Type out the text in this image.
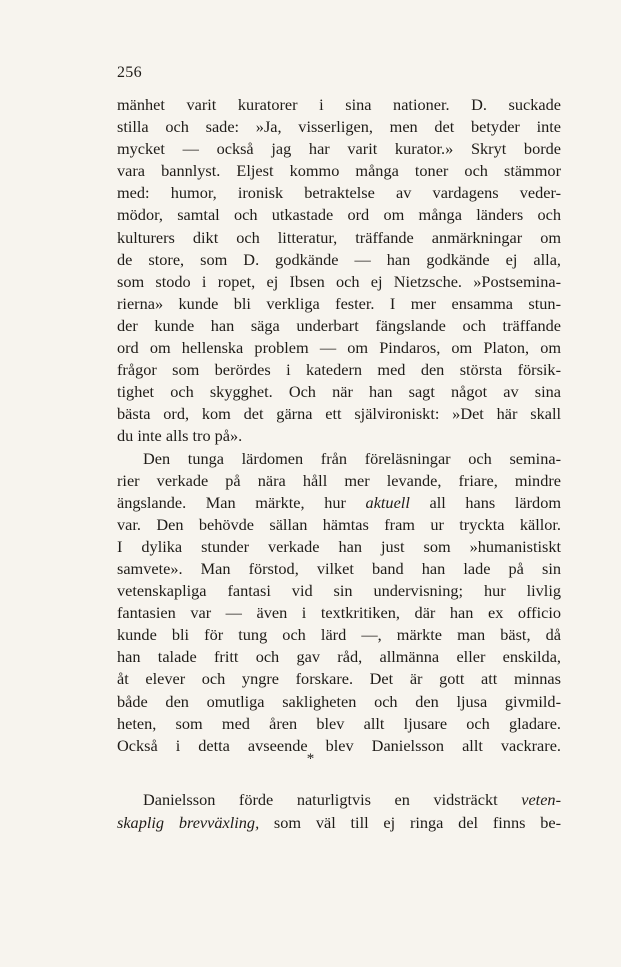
256
mänhet varit kuratorer i sina nationer. D. suckade
stilla och sade: »Ja, visserligen, men det betyder inte
mycket — också jag har varit kurator.» Skryt borde
vara bannlyst. Eljest kommo många toner och stämmor
med: humor, ironisk betraktelse av vardagens veder-
mödor, samtal och utkastade ord om många länders och
kulturers dikt och litteratur, träffande anmärkningar om
de store, som D. godkände — han godkände ej alla,
som stodo i ropet, ej Ibsen och ej Nietzsche. »Postsemina-
rierna» kunde bli verkliga fester. I mer ensamma stun-
der kunde han säga underbart fängslande och träffande
ord om hellenska problem — om Pindaros, om Platon, om
frågor som berördes i katedern med den största försik-
tighet och skygghet. Och när han sagt något av sina
bästa ord, kom det gärna ett självironiskt: »Det här skall
du inte alls tro på».
Den tunga lärdomen från föreläsningar och semina-
rier verkade på nära håll mer levande, friare, mindre
ängslande. Man märkte, hur aktuell all hans lärdom
var. Den behövde sällan hämtas fram ur tryckta källor.
I dylika stunder verkade han just som »humanistiskt
samvete». Man förstod, vilket band han lade på sin
vetenskapliga fantasi vid sin undervisning; hur livlig
fantasien var — även i textkritiken, där han ex officio
kunde bli för tung och lärd —, märkte man bäst, då
han talade fritt och gav råd, allmänna eller enskilda,
åt elever och yngre forskare. Det är gott att minnas
både den omutliga sakligheten och den ljusa givmild-
heten, som med åren blev allt ljusare och gladare.
Också i detta avseende blev Danielsson allt vackrare.
*
Danielsson förde naturligtvis en vidsträckt veten-
skaplig brevväxling, som väl till ej ringa del finns be-
